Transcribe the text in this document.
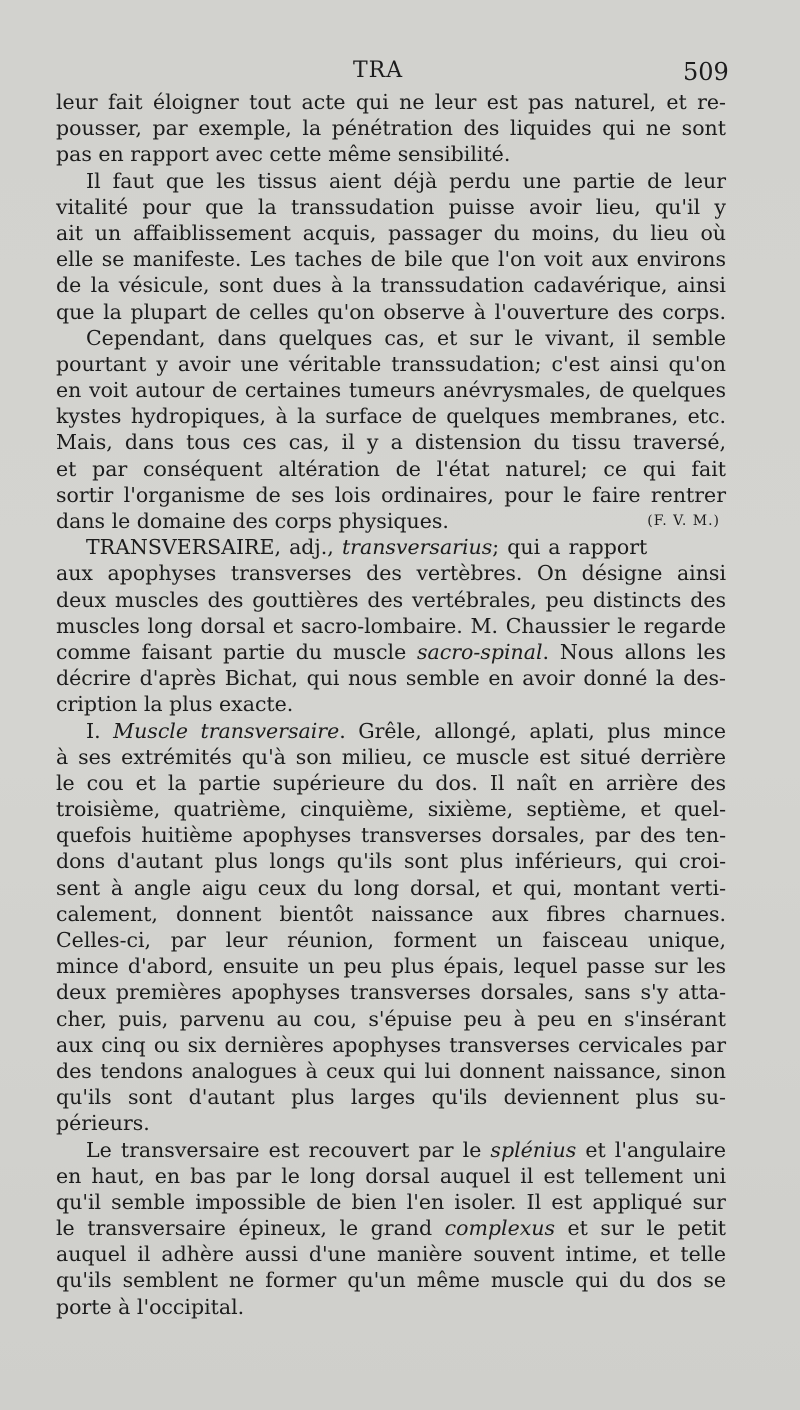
TRA	509
leur fait éloigner tout acte qui ne leur est pas naturel, et re-
pousser, par exemple, la pénétration des liquides qui ne sont
pas en rapport avec cette même sensibilité.
Il faut que les tissus aient déjà perdu une partie de leur
vitalité pour que la transsudation puisse avoir lieu, qu'il y
ait un affaiblissement acquis, passager du moins, du lieu où
elle se manifeste. Les taches de bile que l'on voit aux environs
de la vésicule, sont dues à la transsudation cadavérique, ainsi
que la plupart de celles qu'on observe à l'ouverture des corps.
Cependant, dans quelques cas, et sur le vivant, il semble
pourtant y avoir une véritable transsudation; c'est ainsi qu'on
en voit autour de certaines tumeurs anévrysmales, de quelques
kystes hydropiques, à la surface de quelques membranes, etc.
Mais, dans tous ces cas, il y a distension du tissu traversé,
et par conséquent altération de l'état naturel; ce qui fait
sortir l'organisme de ses lois ordinaires, pour le faire rentrer
dans le domaine des corps physiques.	(F. V. M.)
TRANSVERSAIRE, adj., transversarius; qui a rapport
aux apophyses transverses des vertèbres. On désigne ainsi
deux muscles des gouttières des vertébrales, peu distincts des
muscles long dorsal et sacro-lombaire. M. Chaussier le regarde
comme faisant partie du muscle sacro-spinal. Nous allons les
décrire d'après Bichat, qui nous semble en avoir donné la des-
cription la plus exacte.
I. Muscle transversaire. Grêle, allongé, aplati, plus mince
à ses extrémités qu'à son milieu, ce muscle est situé derrière
le cou et la partie supérieure du dos. Il naît en arrière des
troisième, quatrième, cinquième, sixième, septième, et quel-
quefois huitième apophyses transverses dorsales, par des ten-
dons d'autant plus longs qu'ils sont plus inférieurs, qui croi-
sent à angle aigu ceux du long dorsal, et qui, montant verti-
calement, donnent bientôt naissance aux fibres charnues.
Celles-ci, par leur réunion, forment un faisceau unique,
mince d'abord, ensuite un peu plus épais, lequel passe sur les
deux premières apophyses transverses dorsales, sans s'y atta-
cher, puis, parvenu au cou, s'épuise peu à peu en s'insérant
aux cinq ou six dernières apophyses transverses cervicales par
des tendons analogues à ceux qui lui donnent naissance, sinon
qu'ils sont d'autant plus larges qu'ils deviennent plus su-
périeurs.
Le transversaire est recouvert par le splénius et l'angulaire
en haut, en bas par le long dorsal auquel il est tellement uni
qu'il semble impossible de bien l'en isoler. Il est appliqué sur
le transversaire épineux, le grand complexus et sur le petit
auquel il adhère aussi d'une manière souvent intime, et telle
qu'ils semblent ne former qu'un même muscle qui du dos se
porte à l'occipital.
